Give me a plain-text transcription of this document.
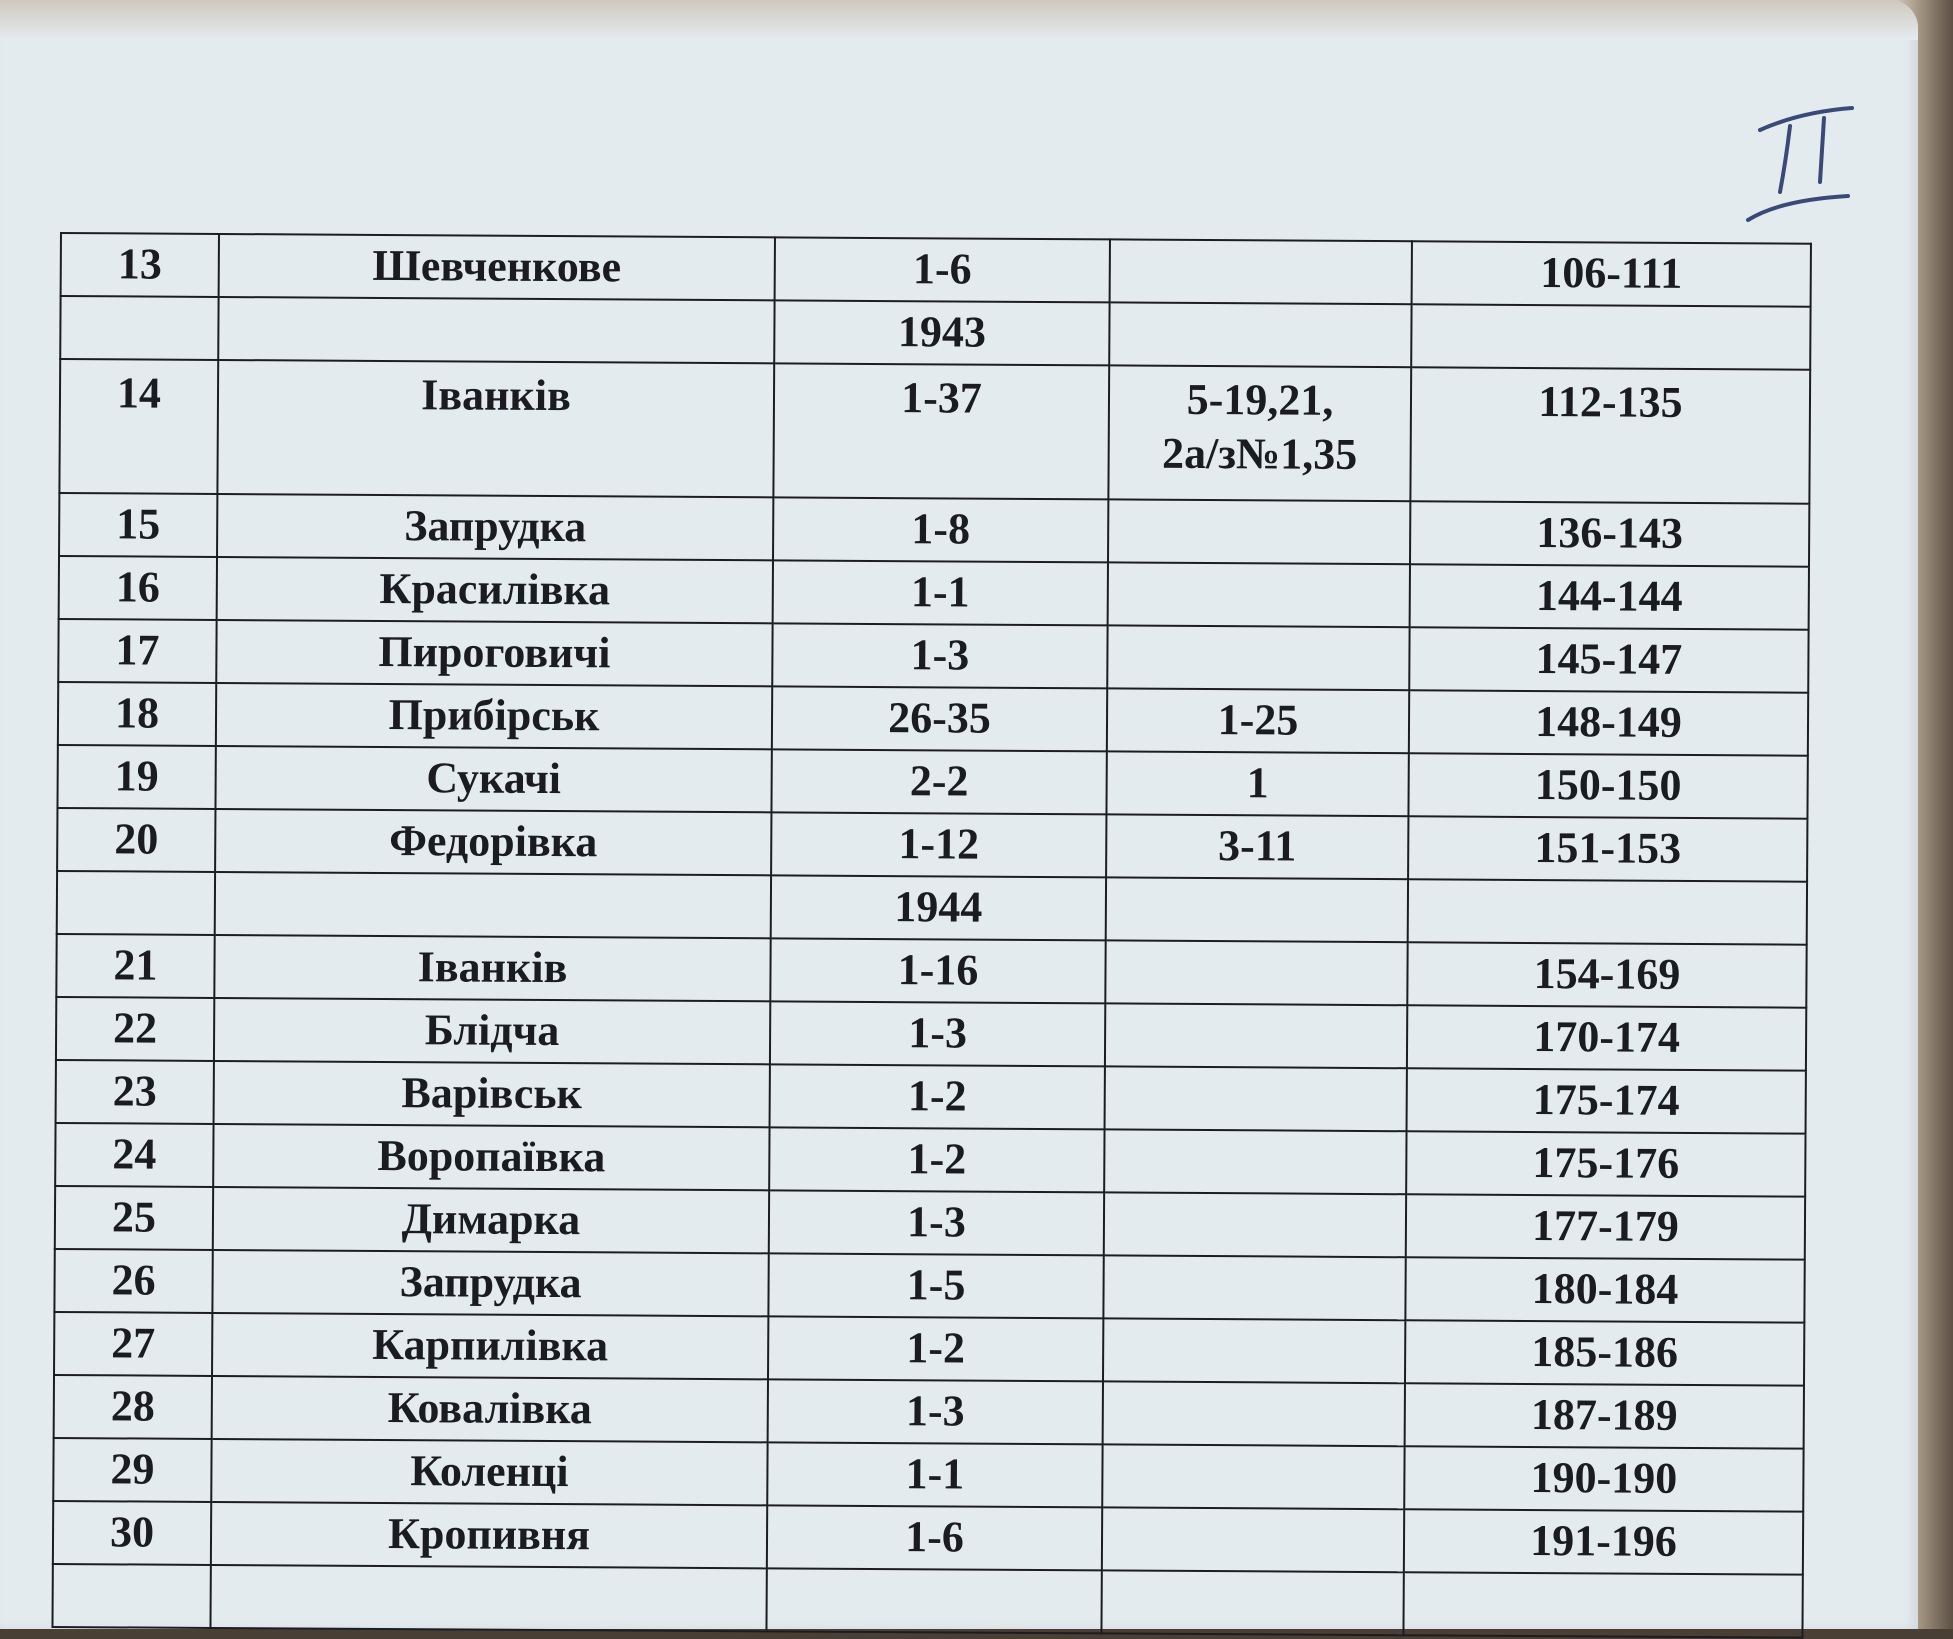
13	Шевченкове	1-6		106-111
		1943		
14	Іванків	1-37	5-19,21,
2а/з№1,35	112-135
15	Запрудка	1-8		136-143
16	Красилівка	1-1		144-144
17	Пироговичі	1-3		145-147
18	Прибірськ	26-35	1-25	148-149
19	Сукачі	2-2	1	150-150
20	Федорівка	1-12	3-11	151-153
		1944		
21	Іванків	1-16		154-169
22	Блідча	1-3		170-174
23	Варівськ	1-2		175-174
24	Воропаївка	1-2		175-176
25	Димарка	1-3		177-179
26	Запрудка	1-5		180-184
27	Карпилівка	1-2		185-186
28	Ковалівка	1-3		187-189
29	Коленці	1-1		190-190
30	Кропивня	1-6		191-196
